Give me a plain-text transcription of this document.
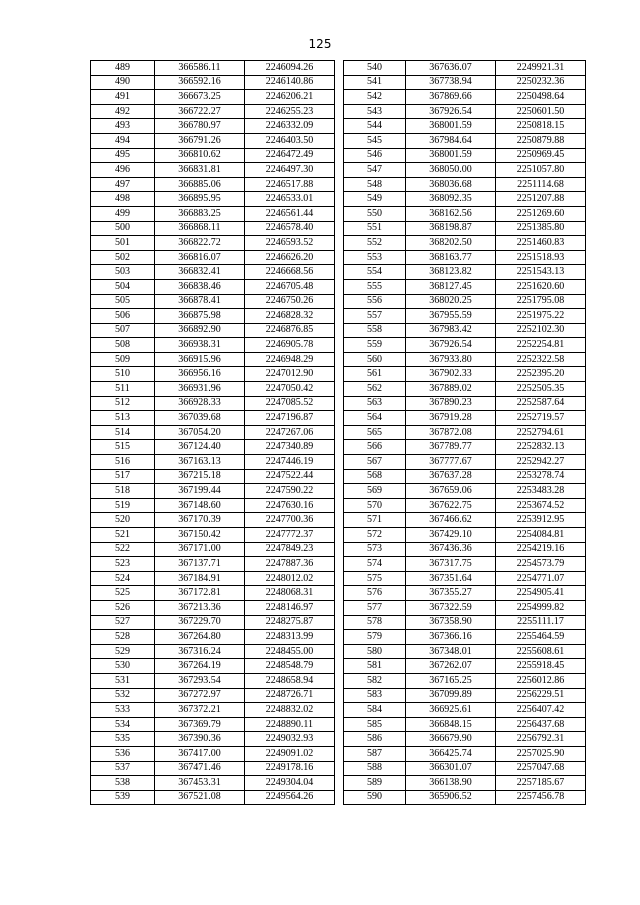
125
489	366586.11	2246094.26
490	366592.16	2246140.86
491	366673.25	2246206.21
492	366722.27	2246255.23
493	366780.97	2246332.09
494	366791.26	2246403.50
495	366810.62	2246472.49
496	366831.81	2246497.30
497	366885.06	2246517.88
498	366895.95	2246533.01
499	366883.25	2246561.44
500	366868.11	2246578.40
501	366822.72	2246593.52
502	366816.07	2246626.20
503	366832.41	2246668.56
504	366838.46	2246705.48
505	366878.41	2246750.26
506	366875.98	2246828.32
507	366892.90	2246876.85
508	366938.31	2246905.78
509	366915.96	2246948.29
510	366956.16	2247012.90
511	366931.96	2247050.42
512	366928.33	2247085.52
513	367039.68	2247196.87
514	367054.20	2247267.06
515	367124.40	2247340.89
516	367163.13	2247446.19
517	367215.18	2247522.44
518	367199.44	2247590.22
519	367148.60	2247630.16
520	367170.39	2247700.36
521	367150.42	2247772.37
522	367171.00	2247849.23
523	367137.71	2247887.36
524	367184.91	2248012.02
525	367172.81	2248068.31
526	367213.36	2248146.97
527	367229.70	2248275.87
528	367264.80	2248313.99
529	367316.24	2248455.00
530	367264.19	2248548.79
531	367293.54	2248658.94
532	367272.97	2248726.71
533	367372.21	2248832.02
534	367369.79	2248890.11
535	367390.36	2249032.93
536	367417.00	2249091.02
537	367471.46	2249178.16
538	367453.31	2249304.04
539	367521.08	2249564.26
540	367636.07	2249921.31
541	367738.94	2250232.36
542	367869.66	2250498.64
543	367926.54	2250601.50
544	368001.59	2250818.15
545	367984.64	2250879.88
546	368001.59	2250969.45
547	368050.00	2251057.80
548	368036.68	2251114.68
549	368092.35	2251207.88
550	368162.56	2251269.60
551	368198.87	2251385.80
552	368202.50	2251460.83
553	368163.77	2251518.93
554	368123.82	2251543.13
555	368127.45	2251620.60
556	368020.25	2251795.08
557	367955.59	2251975.22
558	367983.42	2252102.30
559	367926.54	2252254.81
560	367933.80	2252322.58
561	367902.33	2252395.20
562	367889.02	2252505.35
563	367890.23	2252587.64
564	367919.28	2252719.57
565	367872.08	2252794.61
566	367789.77	2252832.13
567	367777.67	2252942.27
568	367637.28	2253278.74
569	367659.06	2253483.28
570	367622.75	2253674.52
571	367466.62	2253912.95
572	367429.10	2254084.81
573	367436.36	2254219.16
574	367317.75	2254573.79
575	367351.64	2254771.07
576	367355.27	2254905.41
577	367322.59	2254999.82
578	367358.90	2255111.17
579	367366.16	2255464.59
580	367348.01	2255608.61
581	367262.07	2255918.45
582	367165.25	2256012.86
583	367099.89	2256229.51
584	366925.61	2256407.42
585	366848.15	2256437.68
586	366679.90	2256792.31
587	366425.74	2257025.90
588	366301.07	2257047.68
589	366138.90	2257185.67
590	365906.52	2257456.78
